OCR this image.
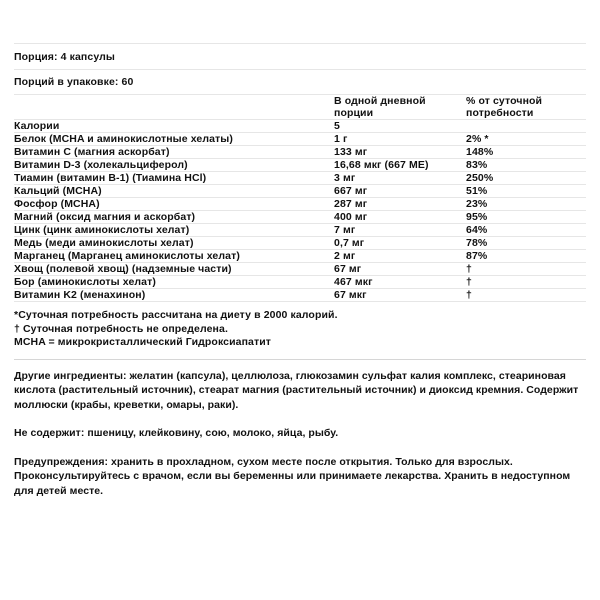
Порция: 4 капсулы
Порций в упаковке: 60
	В одной дневной порции	% от суточной потребности
Калории	5	
Белок (MCHA и аминокислотные хелаты)	1 г	2% *
Витамин C (магния аскорбат)	133 мг	148%
Витамин D-3 (холекальциферол)	16,68 мкг (667 МЕ)	83%
Тиамин (витамин B-1) (Тиамина HCl)	3 мг	250%
Кальций (MCHA)	667 мг	51%
Фосфор (MCHA)	287 мг	23%
Магний (оксид магния и аскорбат)	400 мг	95%
Цинк (цинк аминокислоты хелат)	7 мг	64%
Медь (меди аминокислоты хелат)	0,7 мг	78%
Марганец (Марганец аминокислоты хелат)	2 мг	87%
Хвощ (полевой хвощ) (надземные части)	67 мг	†
Бор (аминокислоты хелат)	467 мкг	†
Витамин K2 (менахинон)	67 мкг	†
*Суточная потребность рассчитана на диету в 2000 калорий.
† Суточная потребность не определена.
MCHA = микрокристаллический Гидроксиапатит

Другие ингредиенты: желатин (капсула), целлюлоза, глюкозамин сульфат калия комплекс, стеариновая кислота (растительный источник), стеарат магния (растительный источник) и диоксид кремния. Содержит моллюски (крабы, креветки, омары, раки).

Не содержит: пшеницу, клейковину, сою, молоко, яйца, рыбу.

Предупреждения: хранить в прохладном, сухом месте после открытия. Только для взрослых. Проконсультируйтесь с врачом, если вы беременны или принимаете лекарства. Хранить в недоступном для детей месте.
